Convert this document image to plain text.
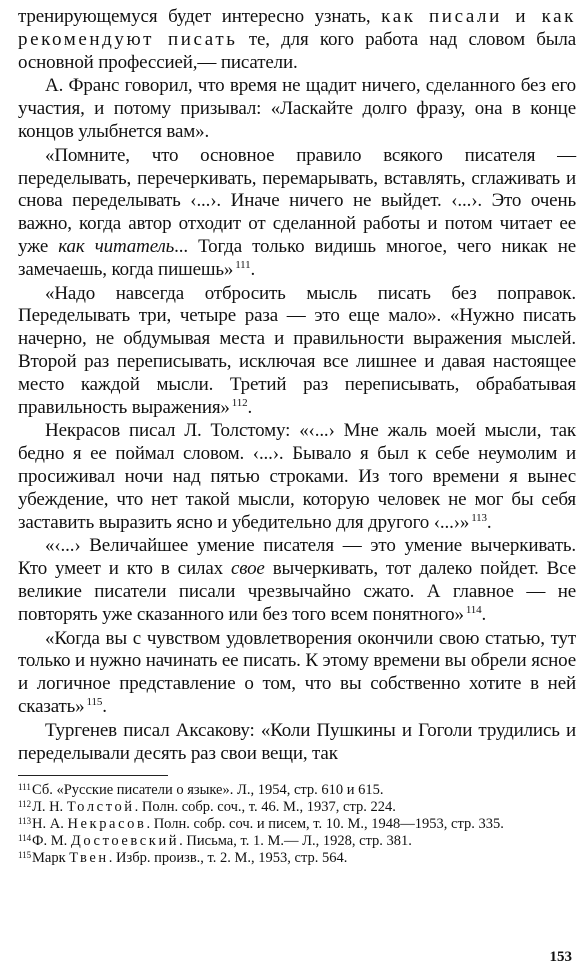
тренирующемуся будет интересно узнать, как писали и как рекомендуют писать те, для кого работа над словом была основной профессией,— писатели.

А. Франс говорил, что время не щадит ничего, сделанного без его участия, и потому призывал: «Ласкайте долго фразу, она в конце концов улыбнется вам».

«Помните, что основное правило всякого писателя — переделывать, перечеркивать, перемарывать, вставлять, сглаживать и снова переделывать ‹...›. Иначе ничего не выйдет. ‹...›. Это очень важно, когда автор отходит от сделанной работы и потом читает ее уже как читатель... Тогда только видишь многое, чего никак не замечаешь, когда пишешь» $^{111}$.

«Надо навсегда отбросить мысль писать без поправок. Переделывать три, четыре раза — это еще мало». «Нужно писать начерно, не обдумывая места и правильности выражения мыслей. Второй раз переписывать, исключая все лишнее и давая настоящее место каждой мысли. Третий раз переписывать, обрабатывая правильность выражения» $^{112}$.

Некрасов писал Л. Толстому: «‹...› Мне жаль моей мысли, так бедно я ее поймал словом. ‹...›. Бывало я был к себе неумолим и просиживал ночи над пятью строками. Из того времени я вынес убеждение, что нет такой мысли, которую человек не мог бы себя заставить выразить ясно и убедительно для другого ‹...›» $^{113}$.

«‹...› Величайшее умение писателя — это умение вычеркивать. Кто умеет и кто в силах свое вычеркивать, тот далеко пойдет. Все великие писатели писали чрезвычайно сжато. А главное — не повторять уже сказанного или без того всем понятного» $^{114}$.

«Когда вы с чувством удовлетворения окончили свою статью, тут только и нужно начинать ее писать. К этому времени вы обрели ясное и логичное представление о том, что вы собственно хотите в ней сказать» $^{115}$.

Тургенев писал Аксакову: «Коли Пушкины и Гоголи трудились и переделывали десять раз свои вещи, так

111Сб. «Русские писатели о языке». Л., 1954, стр. 610 и 615.

112Л. Н. Толстой. Полн. собр. соч., т. 46. М., 1937, стр. 224.

113Н. А. Некрасов. Полн. собр. соч. и писем, т. 10. М., 1948—1953, стр. 335.

114Ф. М. Достоевский. Письма, т. 1. М.— Л., 1928, стр. 381.

115Марк Твен. Избр. произв., т. 2. М., 1953, стр. 564.

153
